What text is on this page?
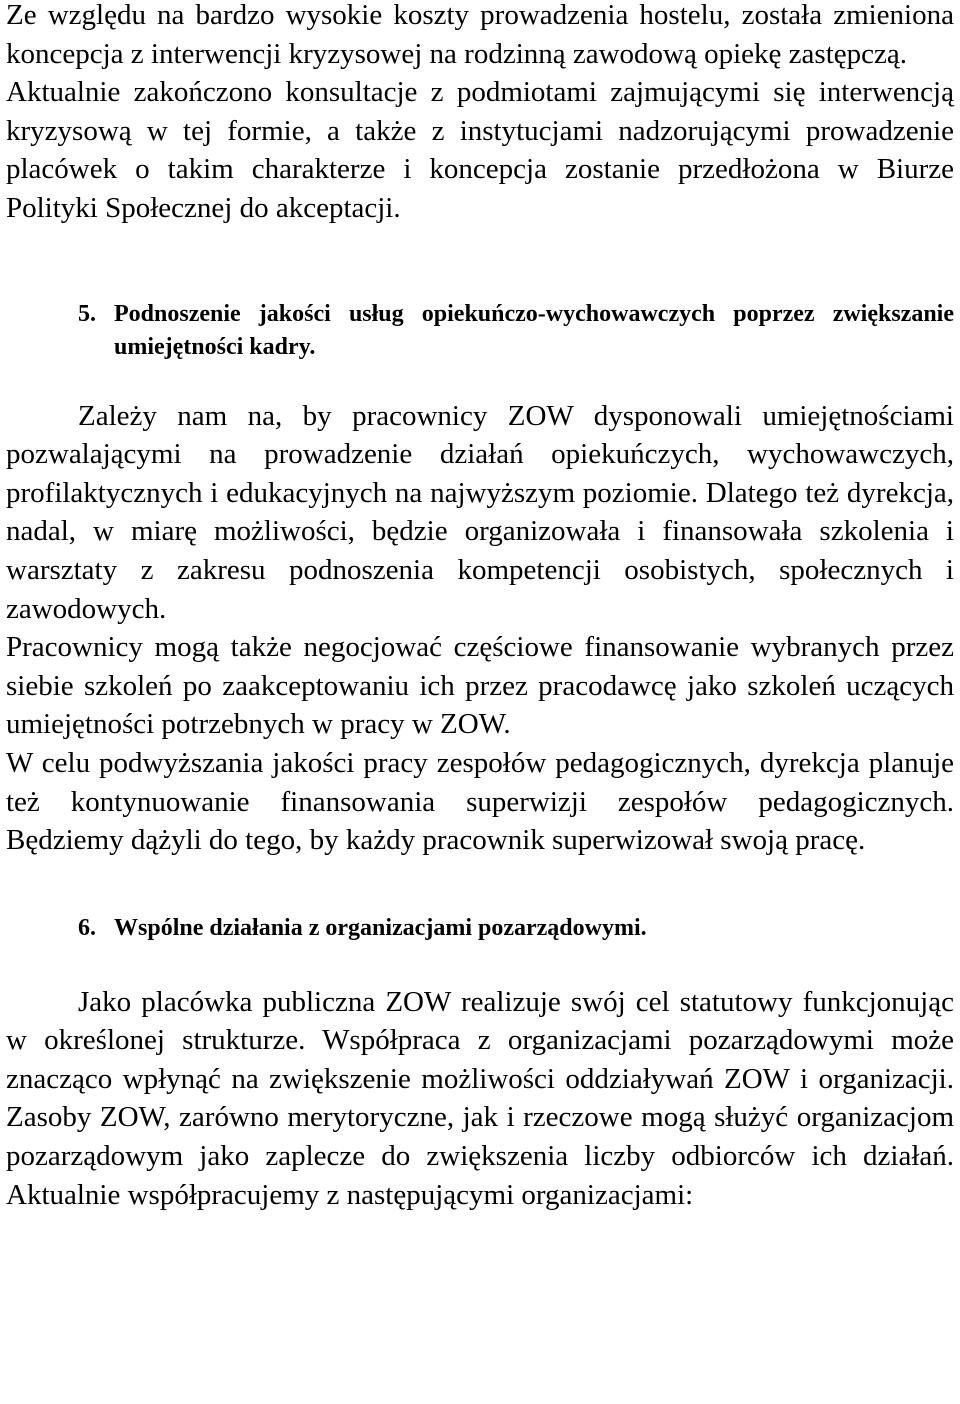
Ze względu na bardzo wysokie koszty prowadzenia hostelu, została zmieniona koncepcja z interwencji kryzysowej na rodzinną zawodową opiekę zastępczą.

Aktualnie zakończono konsultacje z podmiotami zajmującymi się interwencją kryzysową w tej formie, a także z instytucjami nadzorującymi prowadzenie placówek o takim charakterze i koncepcja zostanie przedłożona w Biurze Polityki Społecznej do akceptacji.

5. Podnoszenie jakości usług opiekuńczo-wychowawczych poprzez zwiększanie umiejętności kadry.

Zależy nam na, by pracownicy ZOW dysponowali umiejętnościami pozwalającymi na prowadzenie działań opiekuńczych, wychowawczych, profilaktycznych i edukacyjnych na najwyższym poziomie. Dlatego też dyrekcja, nadal, w miarę możliwości, będzie organizowała i finansowała szkolenia i warsztaty z zakresu podnoszenia kompetencji osobistych, społecznych i zawodowych.

Pracownicy mogą także negocjować częściowe finansowanie wybranych przez siebie szkoleń po zaakceptowaniu ich przez pracodawcę jako szkoleń uczących umiejętności potrzebnych w pracy w ZOW.

W celu podwyższania jakości pracy zespołów pedagogicznych, dyrekcja planuje też kontynuowanie finansowania superwizji zespołów pedagogicznych. Będziemy dążyli do tego, by każdy pracownik superwizował swoją pracę.

6. Wspólne działania z organizacjami pozarządowymi.

Jako placówka publiczna ZOW realizuje swój cel statutowy funkcjonując w określonej strukturze. Współpraca z organizacjami pozarządowymi może znacząco wpłynąć na zwiększenie możliwości oddziaływań ZOW i organizacji. Zasoby ZOW, zarówno merytoryczne, jak i rzeczowe mogą służyć organizacjom pozarządowym jako zaplecze do zwiększenia liczby odbiorców ich działań. Aktualnie współpracujemy z następującymi organizacjami:
